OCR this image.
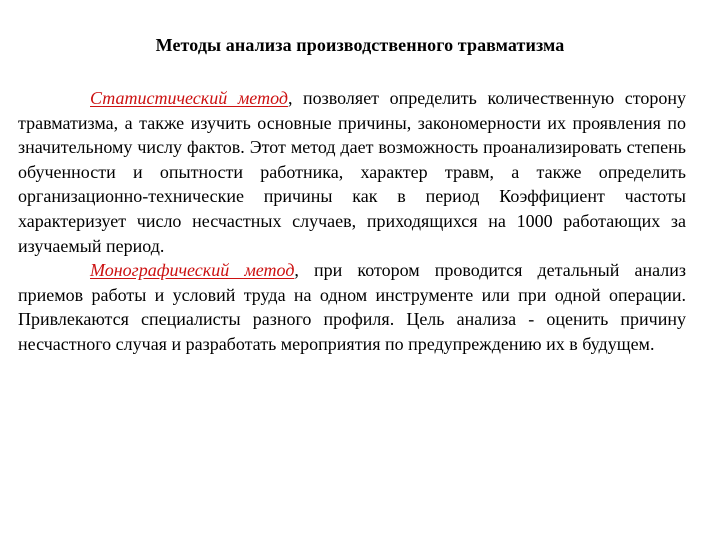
Методы анализа производственного травматизма

Статистический метод, позволяет определить количественную сторону травматизма, а также изучить основные причины, закономерности их проявления по значительному числу фактов. Этот метод дает возможность проанализировать степень обученности и опытности работника, характер травм, а также определить организационно-технические причины как в период Коэффициент частоты характеризует число несчастных случаев, приходящихся на 1000 работающих за изучаемый период.

Монографический метод, при котором проводится детальный анализ приемов работы и условий труда на одном инструменте или при одной операции. Привлекаются специалисты разного профиля. Цель анализа - оценить причину несчастного случая и разработать мероприятия по предупреждению их в будущем.
